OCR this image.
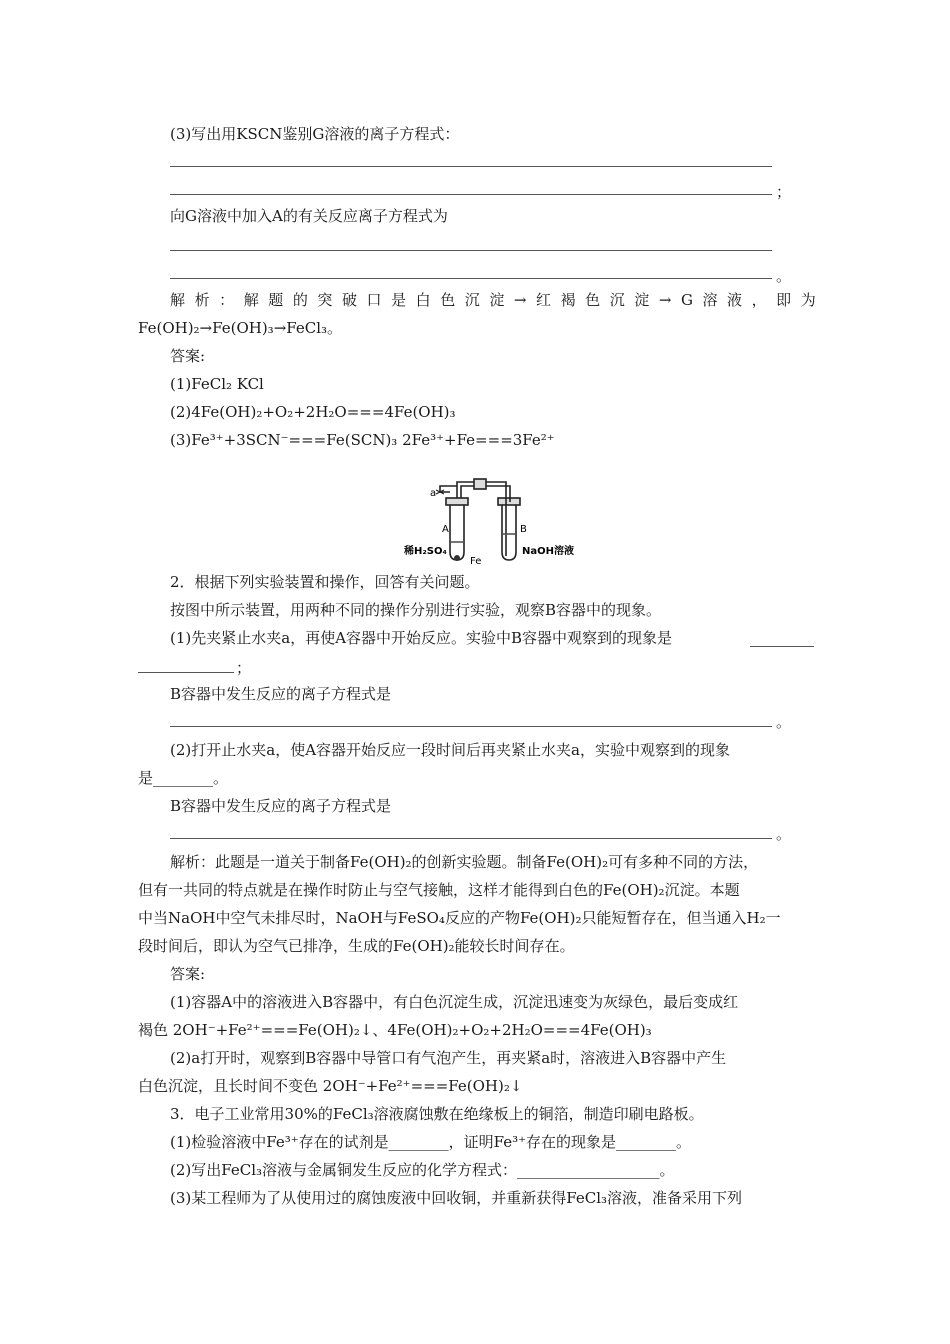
(3)写出用KSCN鉴别G溶液的离子方程式：
；
向G溶液中加入A的有关反应离子方程式为
。
解 析 ： 解 题 的 突 破 口 是 白 色 沉 淀 → 红 褐 色 沉 淀 → G 溶 液 ， 即 为
Fe(OH)₂→Fe(OH)₃→FeCl₃。
答案:
(1)FeCl₂ KCl
(2)4Fe(OH)₂+O₂+2H₂O===4Fe(OH)₃
(3)Fe³⁺+3SCN⁻===Fe(SCN)₃ 2Fe³⁺+Fe===3Fe²⁺
a
A	B
稀H₂SO₄
Fe
NaOH溶液
2．根据下列实验装置和操作，回答有关问题。
按图中所示装置，用两种不同的操作分别进行实验，观察B容器中的现象。
(1)先夹紧止水夹a，再使A容器中开始反应。实验中B容器中观察到的现象是
；
B容器中发生反应的离子方程式是
。
(2)打开止水夹a，使A容器开始反应一段时间后再夹紧止水夹a，实验中观察到的现象
是________。
B容器中发生反应的离子方程式是
。
解析：此题是一道关于制备Fe(OH)₂的创新实验题。制备Fe(OH)₂可有多种不同的方法，
但有一共同的特点就是在操作时防止与空气接触，这样才能得到白色的Fe(OH)₂沉淀。本题
中当NaOH中空气未排尽时，NaOH与FeSO₄反应的产物Fe(OH)₂只能短暂存在，但当通入H₂一
段时间后，即认为空气已排净，生成的Fe(OH)₂能较长时间存在。
答案:
(1)容器A中的溶液进入B容器中，有白色沉淀生成，沉淀迅速变为灰绿色，最后变成红
褐色 2OH⁻+Fe²⁺===Fe(OH)₂↓、4Fe(OH)₂+O₂+2H₂O===4Fe(OH)₃
(2)a打开时，观察到B容器中导管口有气泡产生，再夹紧a时，溶液进入B容器中产生
白色沉淀，且长时间不变色 2OH⁻+Fe²⁺===Fe(OH)₂↓
3．电子工业常用30%的FeCl₃溶液腐蚀敷在绝缘板上的铜箔，制造印刷电路板。
(1)检验溶液中Fe³⁺存在的试剂是________，证明Fe³⁺存在的现象是________。
(2)写出FeCl₃溶液与金属铜发生反应的化学方程式：___________________。
(3)某工程师为了从使用过的腐蚀废液中回收铜，并重新获得FeCl₃溶液，准备采用下列
